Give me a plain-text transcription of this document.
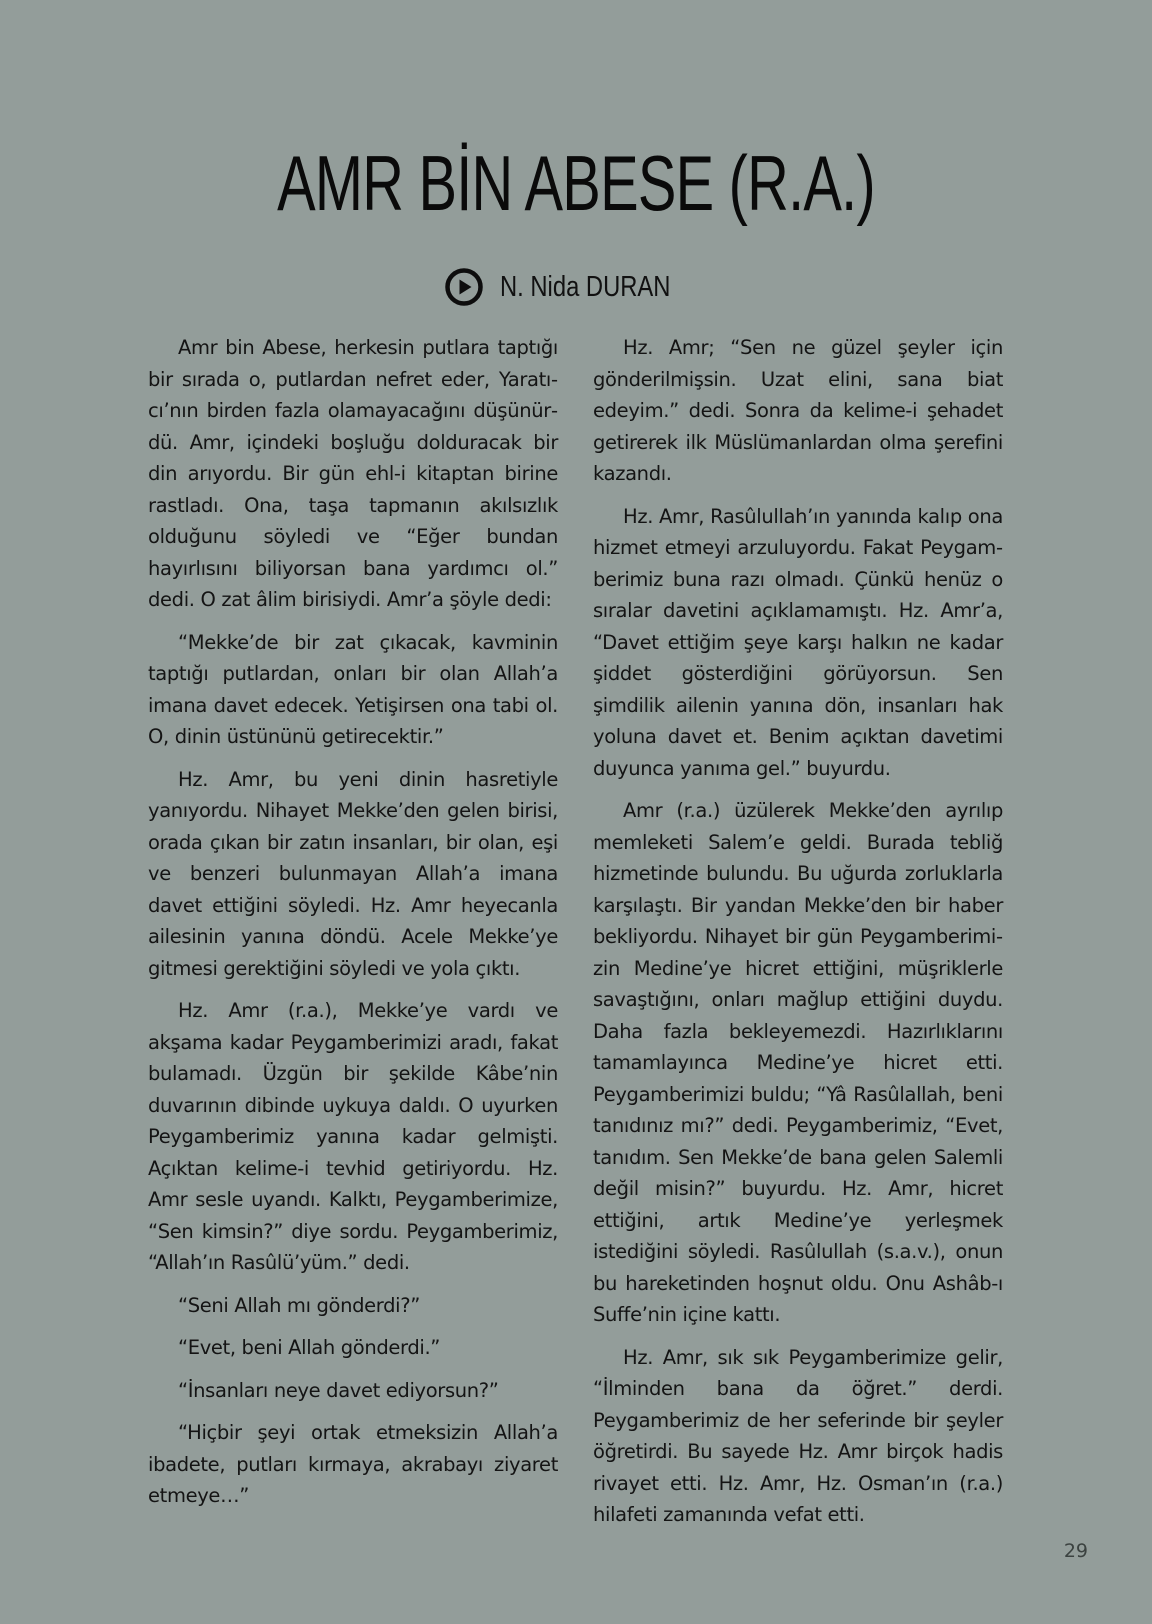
AMR BİN ABESE (R.A.)
N. Nida DURAN

Amr bin Abese, herkesin putlara taptığı bir sırada o, putlardan nefret eder, Yaratıcı’nın birden fazla olamayacağını düşünürdü. Amr, içindeki boşluğu dolduracak bir din arıyordu. Bir gün ehl-i kitaptan birine rastladı. Ona, taşa tapmanın akılsızlık olduğunu söyledi ve “Eğer bundan hayırlısını biliyorsan bana yardımcı ol.” dedi. O zat âlim birisiydi. Amr’a şöyle dedi:

“Mekke’de bir zat çıkacak, kavminin taptığı putlardan, onları bir olan Allah’a imana davet edecek. Yetişirsen ona tabi ol. O, dinin üstününü getirecektir.”

Hz. Amr, bu yeni dinin hasretiyle yanıyordu. Nihayet Mekke’den gelen birisi, orada çıkan bir zatın insanları, bir olan, eşi ve benzeri bulunmayan Allah’a imana davet ettiğini söyledi. Hz. Amr heyecanla ailesinin yanına döndü. Acele Mekke’ye gitmesi gerektiğini söyledi ve yola çıktı.

Hz. Amr (r.a.), Mekke’ye vardı ve akşama kadar Peygamberimizi aradı, fakat bulamadı. Üzgün bir şekilde Kâbe’nin duvarının dibinde uykuya daldı. O uyurken Peygamberimiz yanına kadar gelmişti. Açıktan kelime-i tevhid getiriyordu. Hz. Amr sesle uyandı. Kalktı, Peygamberimize, “Sen kimsin?” diye sordu. Peygamberimiz, “Allah’ın Rasûlü’yüm.” dedi.

“Seni Allah mı gönderdi?”

“Evet, beni Allah gönderdi.”

“İnsanları neye davet ediyorsun?”

“Hiçbir şeyi ortak etmeksizin Allah’a ibadete, putları kırmaya, akrabayı ziyaret etmeye…”

Hz. Amr; “Sen ne güzel şeyler için gönderilmişsin. Uzat elini, sana biat edeyim.” dedi. Sonra da kelime-i şehadet getirerek ilk Müslümanlardan olma şerefini kazandı.

Hz. Amr, Rasûlullah’ın yanında kalıp ona hizmet etmeyi arzuluyordu. Fakat Peygamberimiz buna razı olmadı. Çünkü henüz o sıralar davetini açıklamamıştı. Hz. Amr’a, “Davet ettiğim şeye karşı halkın ne kadar şiddet gösterdiğini görüyorsun. Sen şimdilik ailenin yanına dön, insanları hak yoluna davet et. Benim açıktan davetimi duyunca yanıma gel.” buyurdu.

Amr (r.a.) üzülerek Mekke’den ayrılıp memleketi Salem’e geldi. Burada tebliğ hizmetinde bulundu. Bu uğurda zorluklarla karşılaştı. Bir yandan Mekke’den bir haber bekliyordu. Nihayet bir gün Peygamberimizin Medine’ye hicret ettiğini, müşriklerle savaştığını, onları mağlup ettiğini duydu. Daha fazla bekleyemezdi. Hazırlıklarını tamamlayınca Medine’ye hicret etti. Peygamberimizi buldu; “Yâ Rasûlallah, beni tanıdınız mı?” dedi. Peygamberimiz, “Evet, tanıdım. Sen Mekke’de bana gelen Salemli değil misin?” buyurdu. Hz. Amr, hicret ettiğini, artık Medine’ye yerleşmek istediğini söyledi. Rasûlullah (s.a.v.), onun bu hareketinden hoşnut oldu. Onu Ashâb-ı Suffe’nin içine kattı.

Hz. Amr, sık sık Peygamberimize gelir, “İlminden bana da öğret.” derdi. Peygamberimiz de her seferinde bir şeyler öğretirdi. Bu sayede Hz. Amr birçok hadis rivayet etti. Hz. Amr, Hz. Osman’ın (r.a.) hilafeti zamanında vefat etti.

29
